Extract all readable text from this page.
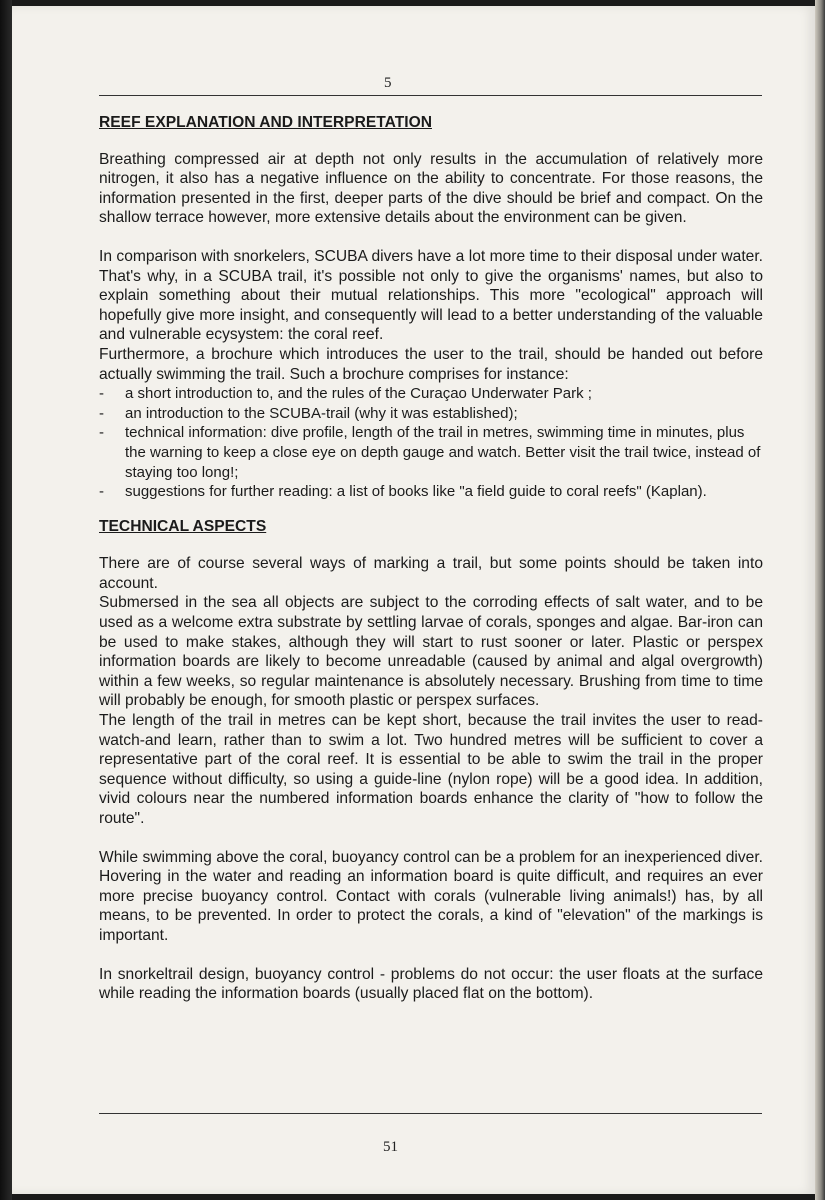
5
REEF EXPLANATION AND INTERPRETATION

Breathing compressed air at depth not only results in the accumulation of relatively more nitrogen, it also has a negative influence on the ability to concentrate. For those reasons, the information presented in the first, deeper parts of the dive should be brief and compact. On the shallow terrace however, more extensive details about the environment can be given.

In comparison with snorkelers, SCUBA divers have a lot more time to their disposal under water. That's why, in a SCUBA trail, it's possible not only to give the organisms' names, but also to explain something about their mutual relationships. This more "ecological" approach will hopefully give more insight, and consequently will lead to a better understanding of the valuable and vulnerable ecysystem: the coral reef.

Furthermore, a brochure which introduces the user to the trail, should be handed out before actually swimming the trail. Such a brochure comprises for instance:

- a short introduction to, and the rules of the Curaçao Underwater Park ;
- an introduction to the SCUBA-trail (why it was established);
- technical information: dive profile, length of the trail in metres, swimming time in minutes, plus the warning to keep a close eye on depth gauge and watch. Better visit the trail twice, instead of staying too long!;
- suggestions for further reading: a list of books like "a field guide to coral reefs" (Kaplan).
TECHNICAL ASPECTS

There are of course several ways of marking a trail, but some points should be taken into account.

Submersed in the sea all objects are subject to the corroding effects of salt water, and to be used as a welcome extra substrate by settling larvae of corals, sponges and algae. Bar-iron can be used to make stakes, although they will start to rust sooner or later. Plastic or perspex information boards are likely to become unreadable (caused by animal and algal overgrowth) within a few weeks, so regular maintenance is absolutely necessary. Brushing from time to time will probably be enough, for smooth plastic or perspex surfaces.

The length of the trail in metres can be kept short, because the trail invites the user to read-watch-and learn, rather than to swim a lot. Two hundred metres will be sufficient to cover a representative part of the coral reef. It is essential to be able to swim the trail in the proper sequence without difficulty, so using a guide-line (nylon rope) will be a good idea. In addition, vivid colours near the numbered information boards enhance the clarity of "how to follow the route".

While swimming above the coral, buoyancy control can be a problem for an inexperienced diver. Hovering in the water and reading an information board is quite difficult, and requires an ever more precise buoyancy control. Contact with corals (vulnerable living animals!) has, by all means, to be prevented. In order to protect the corals, a kind of "elevation" of the markings is important.

In snorkeltrail design, buoyancy control - problems do not occur: the user floats at the surface while reading the information boards (usually placed flat on the bottom).

51
